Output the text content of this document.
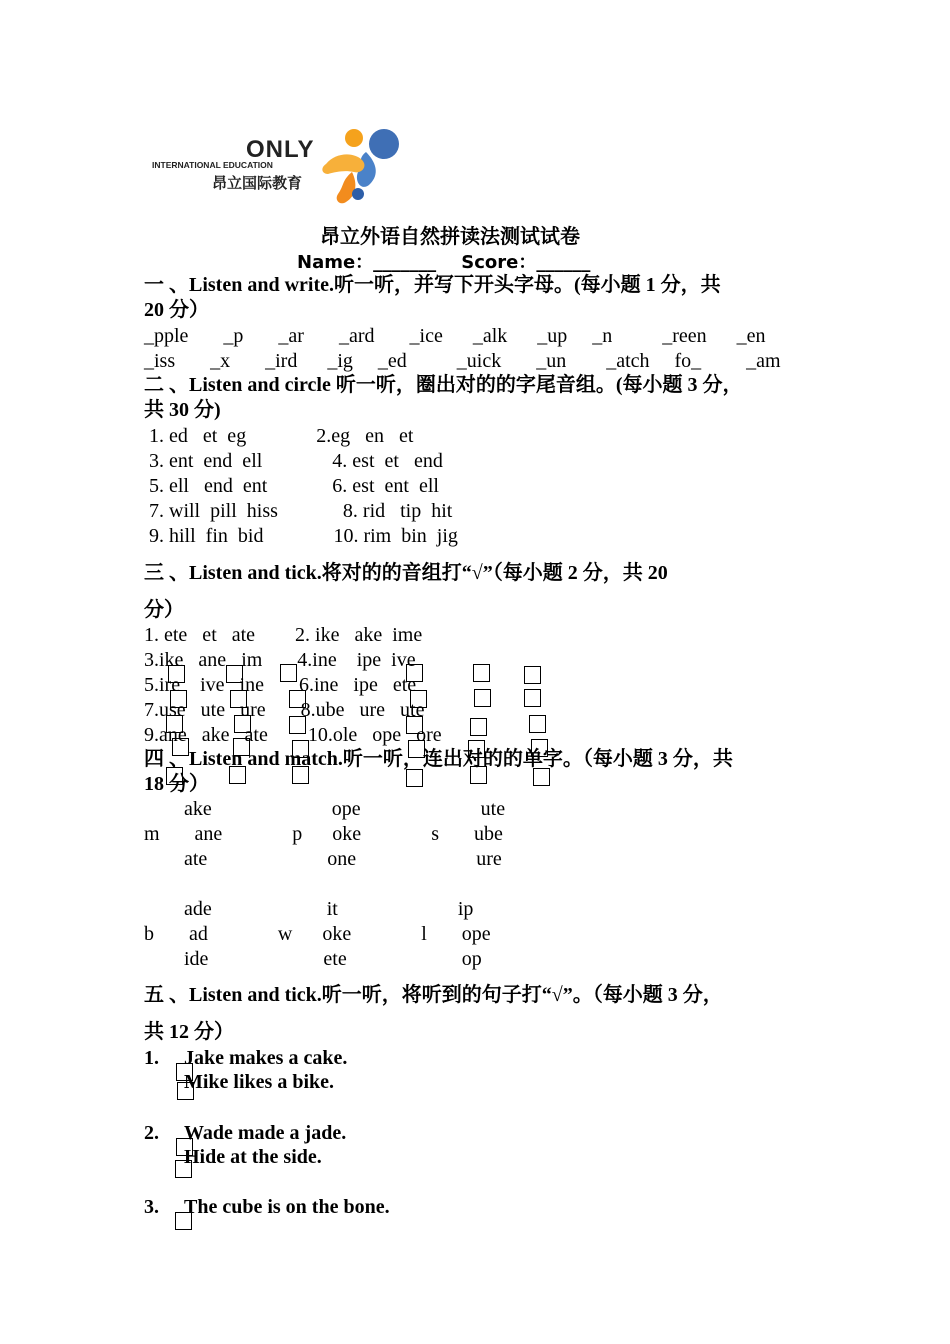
ONLY
INTERNATIONAL EDUCATION
昂立国际教育
昂立外语自然拼读法测试试卷
Name：_______    Score：______
一 、Listen and write.听一听，并写下开头字母。(每小题 1 分，共
20 分）
_pple       _p       _ar       _ard       _ice      _alk      _up     _n          _reen      _en
_iss       _x       _ird      _ig     _ed          _uick       _un        _atch     fo_         _am
二 、Listen and circle 听一听，圈出对的的字尾音组。(每小题 3 分，
共 30 分)
1. ed   et  eg              2.eg   en   et
3. ent  end  ell              4. est  et   end
5. ell   end  ent             6. est  ent  ell
7. will  pill  hiss             8. rid   tip  hit
9. hill  fin  bid              10. rim  bin  jig
三 、Listen and tick.将对的的音组打“√”（每小题 2 分，共 20
分）
1. ete   et   ate        2. ike   ake  ime
3.ike   ane   im       4.ine    ipe  ive
5.ire    ive   ine       6.ine   ipe   ete
7.use   ute   ure       8.ube   ure   ute
9.ane   ake   ate        10.ole   ope   ore
四 、Listen and match.听一听，连出对的的单字。（每小题 3 分，共
18 分）
ake                        ope                        ute
m       ane              p      oke              s       ube
ate                        one                        ure
ade                       it                        ip
b       ad              w      oke              l       ope
ide                       ete                       op
五 、Listen and tick.听一听，将听到的句子打“√”。（每小题 3 分，
共 12 分）
1. Jake makes a cake.
Mike likes a bike.
2. Wade made a jade.
Hide at the side.
3. The cube is on the bone.
